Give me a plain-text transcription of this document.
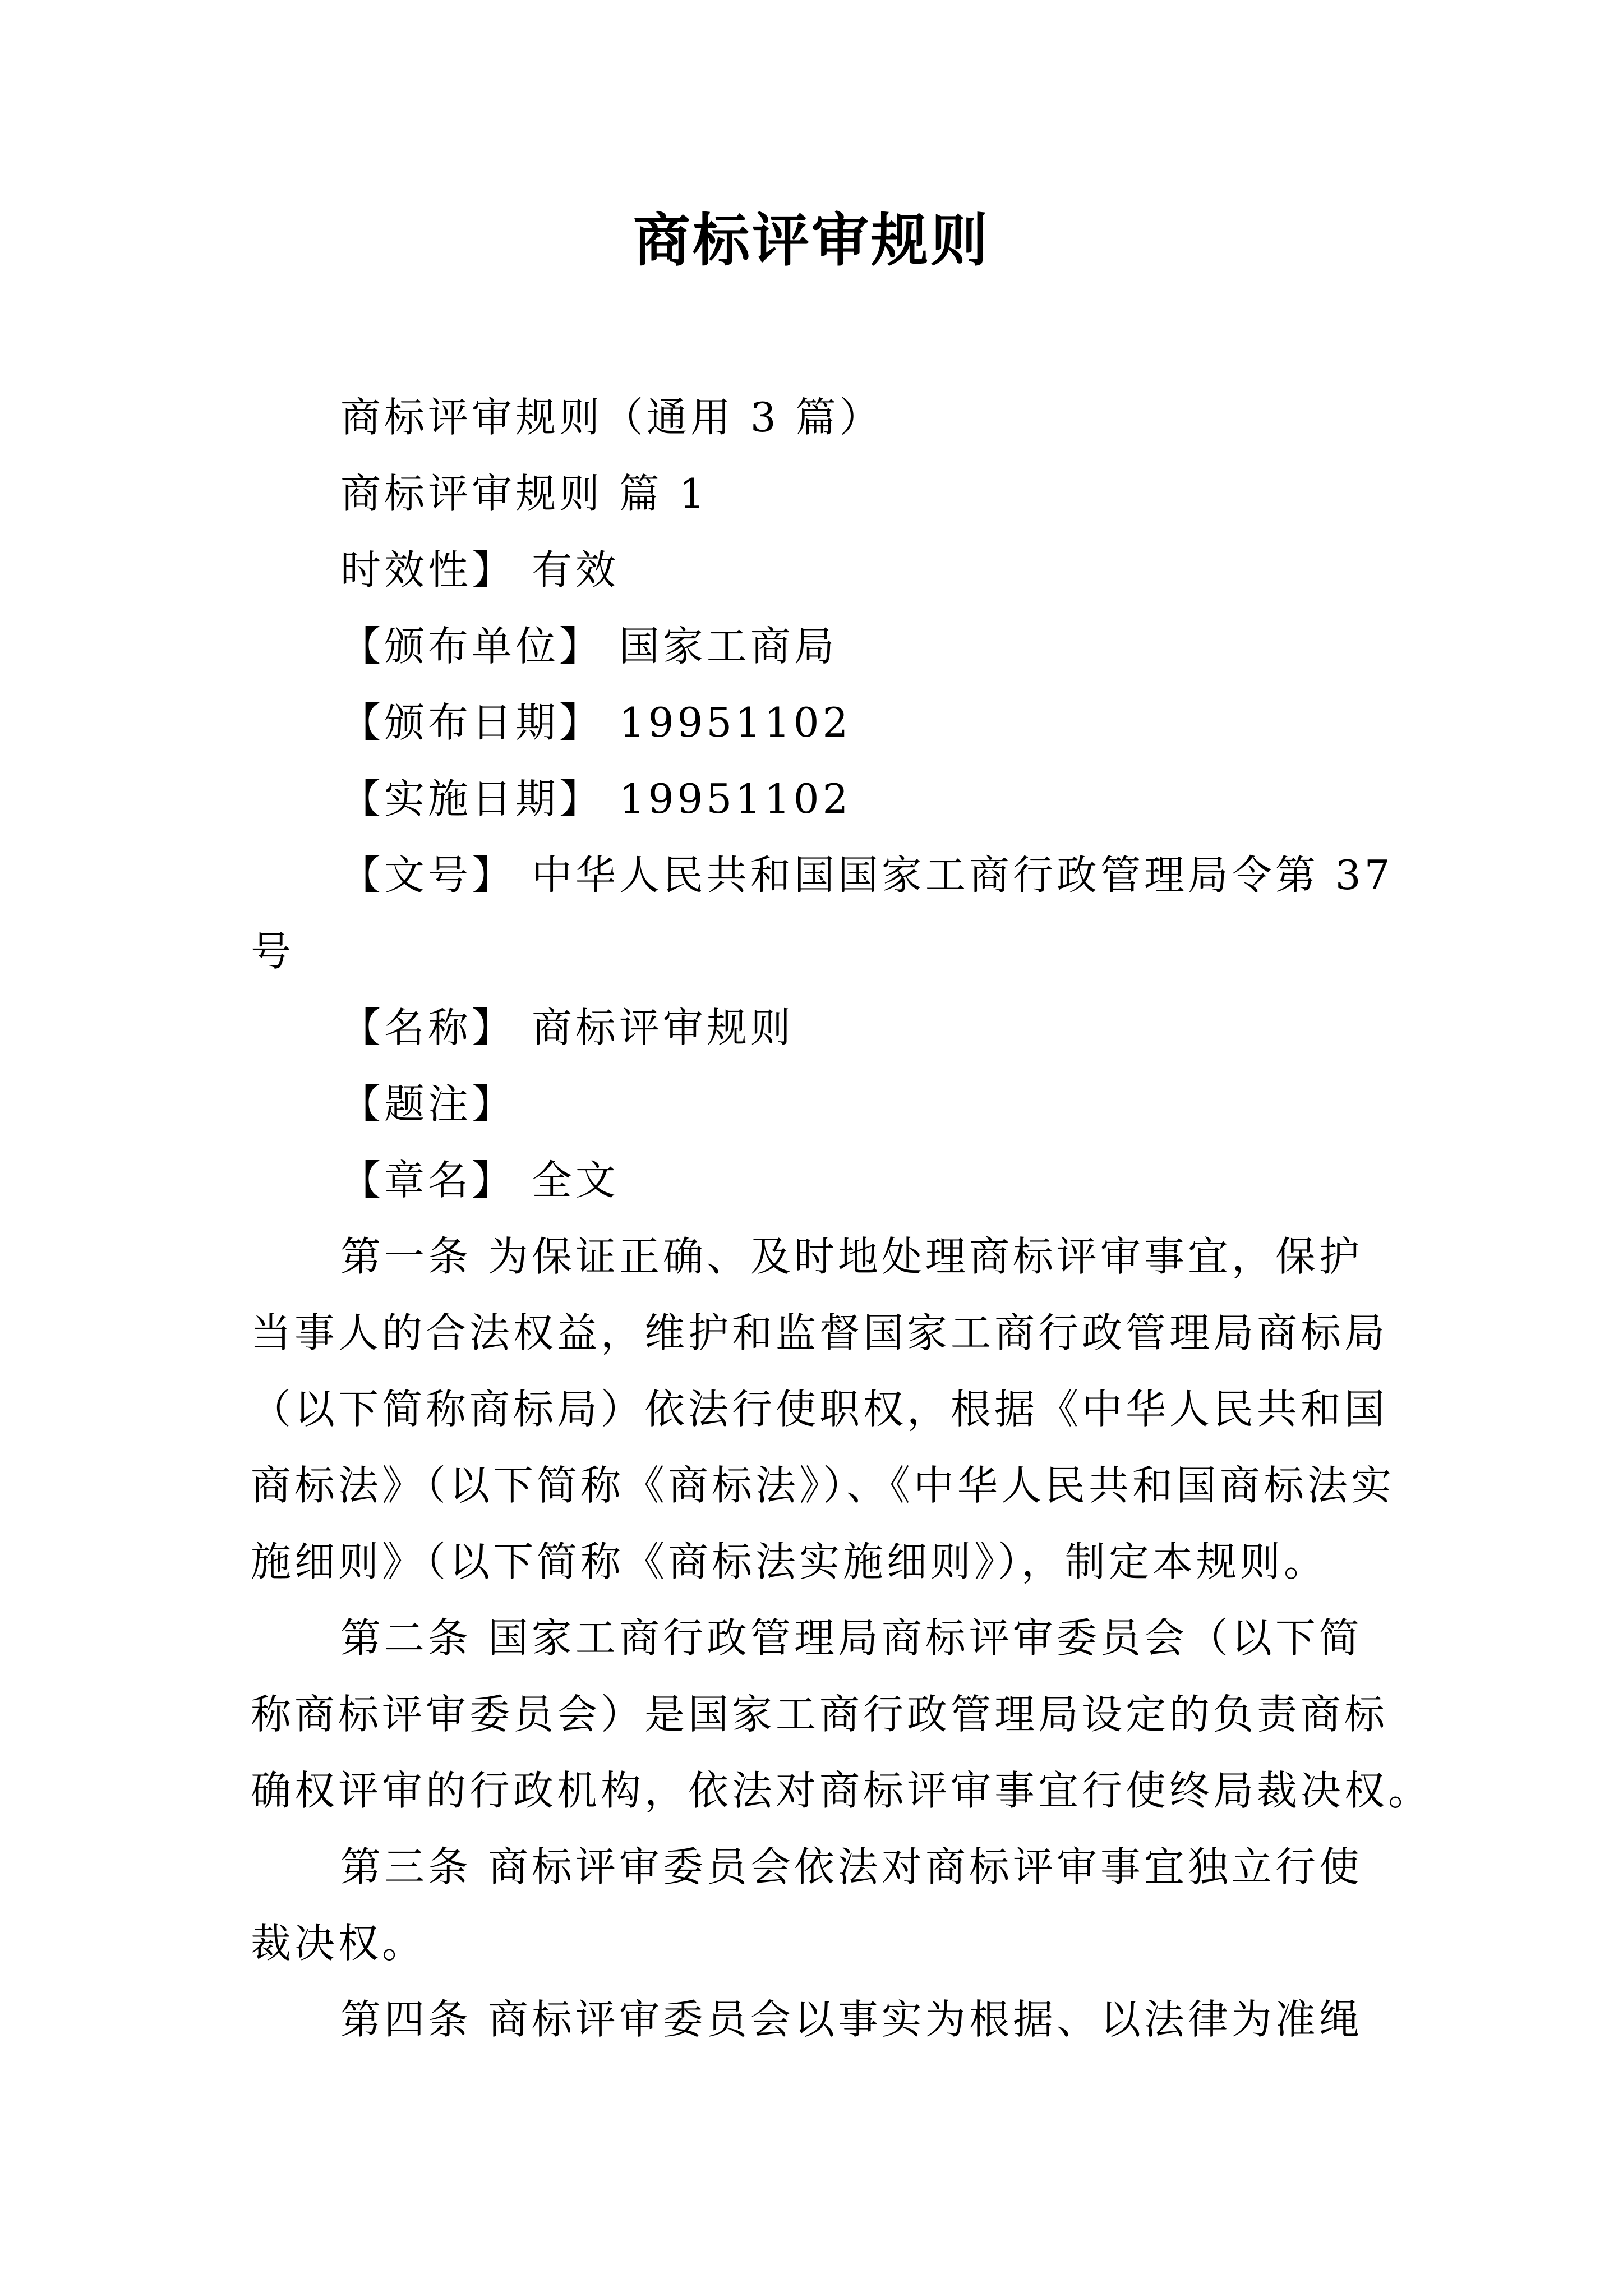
商标评审规则
商标评审规则（通用 3 篇）
商标评审规则 篇 1
时效性】 有效
【颁布单位】 国家工商局
【颁布日期】 19951102
【实施日期】 19951102
【文号】 中华人民共和国国家工商行政管理局令第 37
号
【名称】 商标评审规则
【题注】
【章名】 全文
第一条 为保证正确、及时地处理商标评审事宜，保护
当事人的合法权益，维护和监督国家工商行政管理局商标局
（以下简称商标局）依法行使职权，根据《中华人民共和国
商标法》（以下简称《商标法》）、《中华人民共和国商标法实
施细则》（以下简称《商标法实施细则》），制定本规则。
第二条 国家工商行政管理局商标评审委员会（以下简
称商标评审委员会）是国家工商行政管理局设定的负责商标
确权评审的行政机构，依法对商标评审事宜行使终局裁决权。
第三条 商标评审委员会依法对商标评审事宜独立行使
裁决权。
第四条 商标评审委员会以事实为根据、以法律为准绳
